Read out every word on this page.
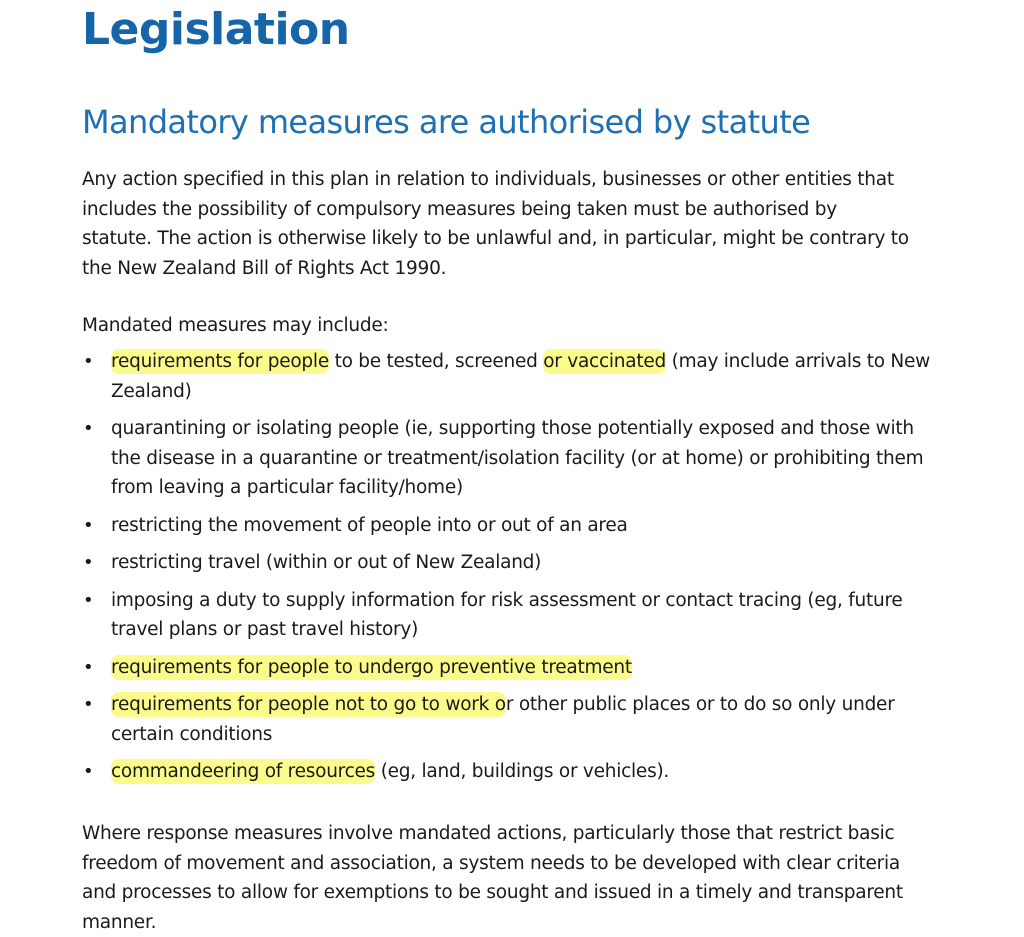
Legislation
Mandatory measures are authorised by statute

Any action specified in this plan in relation to individuals, businesses or other entities that includes the possibility of compulsory measures being taken must be authorised by statute. The action is otherwise likely to be unlawful and, in particular, might be contrary to the New Zealand Bill of Rights Act 1990.

Mandated measures may include:

• requirements for people to be tested, screened or vaccinated (may include arrivals to New Zealand)
• quarantining or isolating people (ie, supporting those potentially exposed and those with the disease in a quarantine or treatment/isolation facility (or at home) or prohibiting them from leaving a particular facility/home)
• restricting the movement of people into or out of an area
• restricting travel (within or out of New Zealand)
• imposing a duty to supply information for risk assessment or contact tracing (eg, future travel plans or past travel history)
• requirements for people to undergo preventive treatment
• requirements for people not to go to work or other public places or to do so only under certain conditions
• commandeering of resources (eg, land, buildings or vehicles).

Where response measures involve mandated actions, particularly those that restrict basic freedom of movement and association, a system needs to be developed with clear criteria and processes to allow for exemptions to be sought and issued in a timely and transparent manner.
